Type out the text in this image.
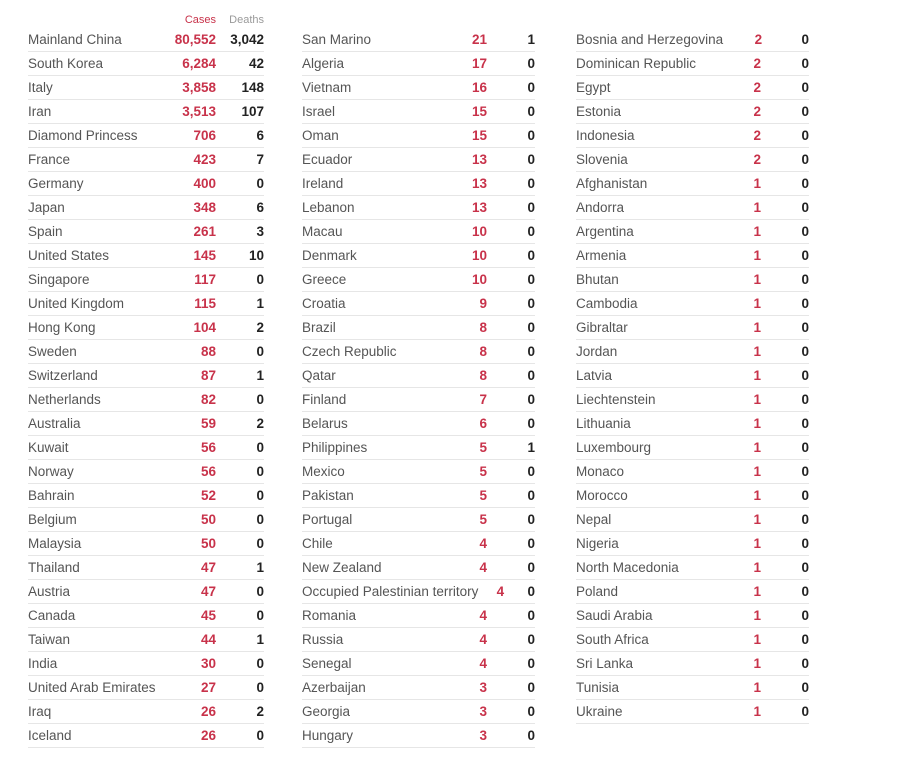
Cases	Deaths
Mainland China	80,552	3,042
South Korea	6,284	42
Italy	3,858	148
Iran	3,513	107
Diamond Princess	706	6
France	423	7
Germany	400	0
Japan	348	6
Spain	261	3
United States	145	10
Singapore	117	0
United Kingdom	115	1
Hong Kong	104	2
Sweden	88	0
Switzerland	87	1
Netherlands	82	0
Australia	59	2
Kuwait	56	0
Norway	56	0
Bahrain	52	0
Belgium	50	0
Malaysia	50	0
Thailand	47	1
Austria	47	0
Canada	45	0
Taiwan	44	1
India	30	0
United Arab Emirates	27	0
Iraq	26	2
Iceland	26	0
San Marino	21	1
Algeria	17	0
Vietnam	16	0
Israel	15	0
Oman	15	0
Ecuador	13	0
Ireland	13	0
Lebanon	13	0
Macau	10	0
Denmark	10	0
Greece	10	0
Croatia	9	0
Brazil	8	0
Czech Republic	8	0
Qatar	8	0
Finland	7	0
Belarus	6	0
Philippines	5	1
Mexico	5	0
Pakistan	5	0
Portugal	5	0
Chile	4	0
New Zealand	4	0
Occupied Palestinian territory	4	0
Romania	4	0
Russia	4	0
Senegal	4	0
Azerbaijan	3	0
Georgia	3	0
Hungary	3	0
Bosnia and Herzegovina	2	0
Dominican Republic	2	0
Egypt	2	0
Estonia	2	0
Indonesia	2	0
Slovenia	2	0
Afghanistan	1	0
Andorra	1	0
Argentina	1	0
Armenia	1	0
Bhutan	1	0
Cambodia	1	0
Gibraltar	1	0
Jordan	1	0
Latvia	1	0
Liechtenstein	1	0
Lithuania	1	0
Luxembourg	1	0
Monaco	1	0
Morocco	1	0
Nepal	1	0
Nigeria	1	0
North Macedonia	1	0
Poland	1	0
Saudi Arabia	1	0
South Africa	1	0
Sri Lanka	1	0
Tunisia	1	0
Ukraine	1	0
